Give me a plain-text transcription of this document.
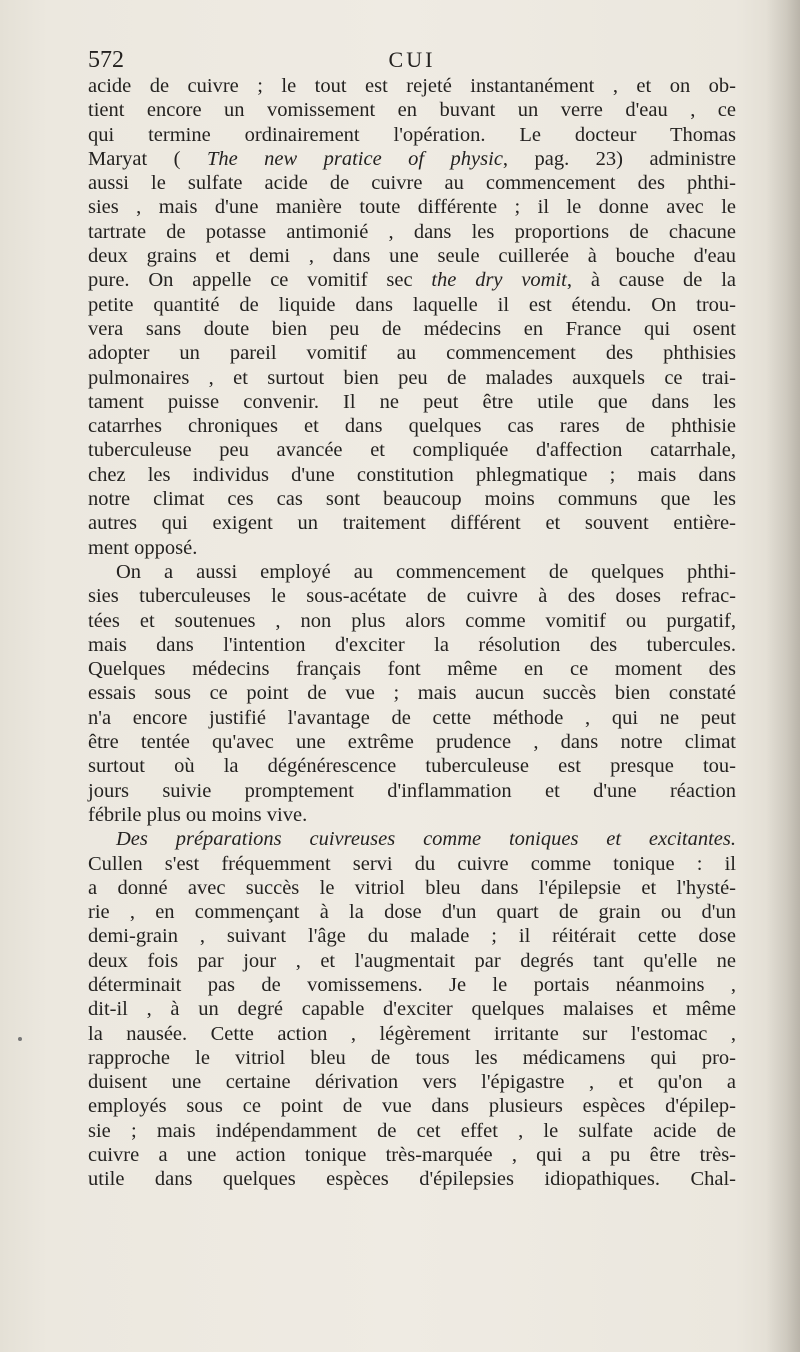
572	CUI
acide de cuivre ; le tout est rejeté instantanément , et on ob-
tient encore un vomissement en buvant un verre d'eau , ce
qui termine ordinairement l'opération. Le docteur Thomas
Maryat ( The new pratice of physic, pag. 23) administre
aussi le sulfate acide de cuivre au commencement des phthi-
sies , mais d'une manière toute différente ; il le donne avec le
tartrate de potasse antimonié , dans les proportions de chacune
deux grains et demi , dans une seule cuillerée à bouche d'eau
pure. On appelle ce vomitif sec the dry vomit, à cause de la
petite quantité de liquide dans laquelle il est étendu. On trou-
vera sans doute bien peu de médecins en France qui osent
adopter un pareil vomitif au commencement des phthisies
pulmonaires , et surtout bien peu de malades auxquels ce trai-
tament puisse convenir. Il ne peut être utile que dans les
catarrhes chroniques et dans quelques cas rares de phthisie
tuberculeuse peu avancée et compliquée d'affection catarrhale,
chez les individus d'une constitution phlegmatique ; mais dans
notre climat ces cas sont beaucoup moins communs que les
autres qui exigent un traitement différent et souvent entière-
ment opposé.
On a aussi employé au commencement de quelques phthi-
sies tuberculeuses le sous-acétate de cuivre à des doses refrac-
tées et soutenues , non plus alors comme vomitif ou purgatif,
mais dans l'intention d'exciter la résolution des tubercules.
Quelques médecins français font même en ce moment des
essais sous ce point de vue ; mais aucun succès bien constaté
n'a encore justifié l'avantage de cette méthode , qui ne peut
être tentée qu'avec une extrême prudence , dans notre climat
surtout où la dégénérescence tuberculeuse est presque tou-
jours suivie promptement d'inflammation et d'une réaction
fébrile plus ou moins vive.
Des préparations cuivreuses comme toniques et excitantes.
Cullen s'est fréquemment servi du cuivre comme tonique : il
a donné avec succès le vitriol bleu dans l'épilepsie et l'hysté-
rie , en commençant à la dose d'un quart de grain ou d'un
demi-grain , suivant l'âge du malade ; il réitérait cette dose
deux fois par jour , et l'augmentait par degrés tant qu'elle ne
déterminait pas de vomissemens. Je le portais néanmoins ,
dit-il , à un degré capable d'exciter quelques malaises et même
la nausée. Cette action , légèrement irritante sur l'estomac ,
rapproche le vitriol bleu de tous les médicamens qui pro-
duisent une certaine dérivation vers l'épigastre , et qu'on a
employés sous ce point de vue dans plusieurs espèces d'épilep-
sie ; mais indépendamment de cet effet , le sulfate acide de
cuivre a une action tonique très-marquée , qui a pu être très-
utile dans quelques espèces d'épilepsies idiopathiques. Chal-
